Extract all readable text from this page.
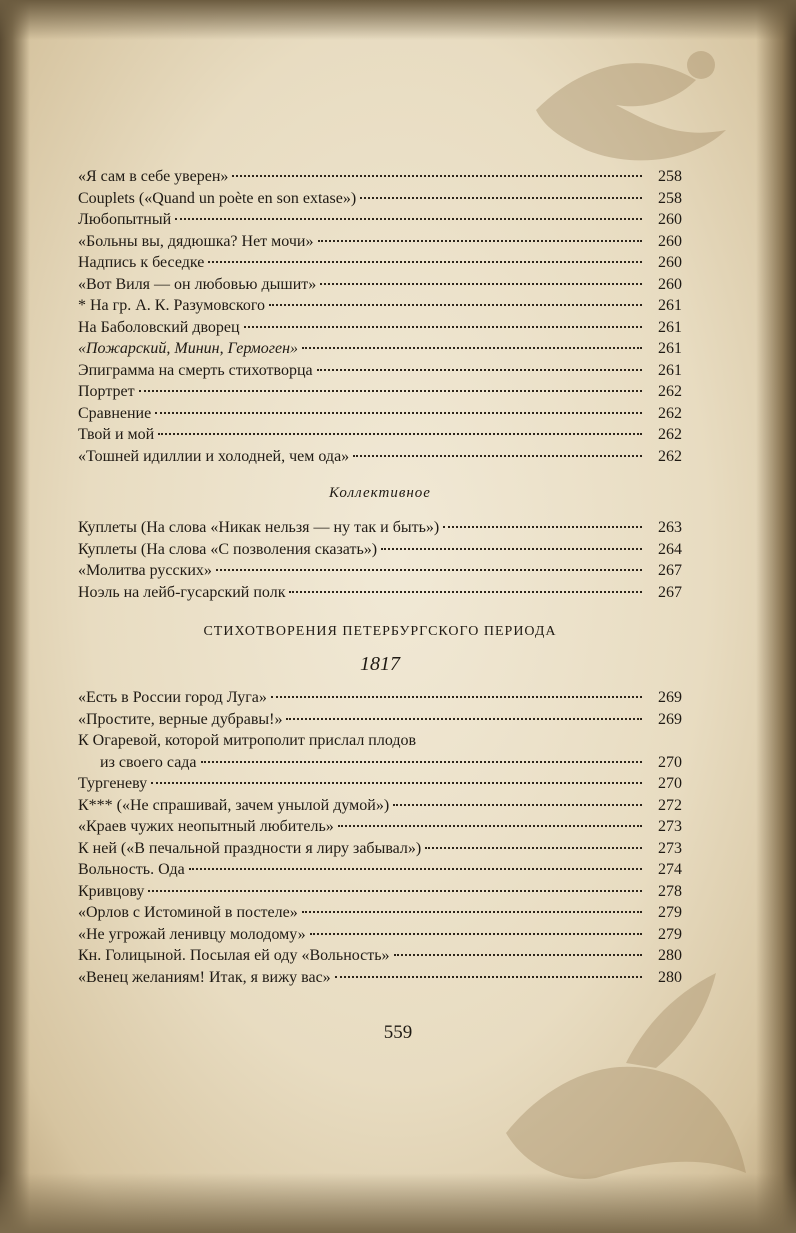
«Я сам в себе уверен»	258
Couplets («Quand un poète en son extase»)	258
Любопытный	260
«Больны вы, дядюшка? Нет мочи»	260
Надпись к беседке	260
«Вот Виля — он любовью дышит»	260
* На гр. А. К. Разумовского	261
На Баболовский дворец	261
«Пожарский, Минин, Гермоген»	261
Эпиграмма на смерть стихотворца	261
Портрет	262
Сравнение	262
Твой и мой	262
«Тошней идиллии и холодней, чем ода»	262
Коллективное
Куплеты (На слова «Никак нельзя — ну так и быть»)	263
Куплеты (На слова «С позволения сказать»)	264
«Молитва русских»	267
Ноэль на лейб-гусарский полк	267
СТИХОТВОРЕНИЯ ПЕТЕРБУРГСКОГО ПЕРИОДА
1817
«Есть в России город Луга»	269
«Простите, верные дубравы!»	269
К Огаревой, которой митрополит прислал плодов
из своего сада	270
Тургеневу	270
К*** («Не спрашивай, зачем унылой думой»)	272
«Краев чужих неопытный любитель»	273
К ней («В печальной праздности я лиру забывал»)	273
Вольность. Ода	274
Кривцову	278
«Орлов с Истоминой в постеле»	279
«Не угрожай ленивцу молодому»	279
Кн. Голицыной. Посылая ей оду «Вольность»	280
«Венец желаниям! Итак, я вижу вас»	280
559
